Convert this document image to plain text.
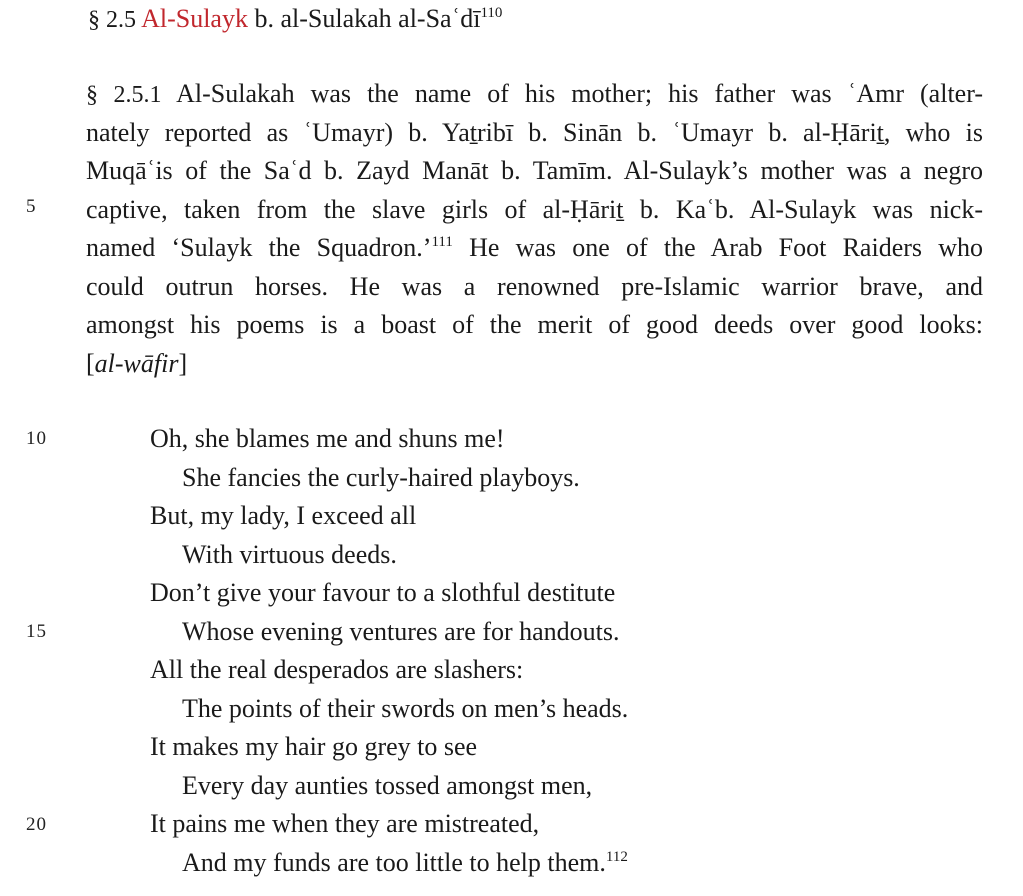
§ 2.5 Al-Sulayk b. al-Sulakah al-Saʿdī$^{110}$
§ 2.5.1 Al-Sulakah was the name of his mother; his father was ʿAmr (alter-
nately reported as ʿUmayr) b. Yaṯribī b. Sinān b. ʿUmayr b. al-Ḥāriṯ, who is
Muqāʿis of the Saʿd b. Zayd Manāt b. Tamīm. Al-Sulayk’s mother was a negro
captive, taken from the slave girls of al-Ḥāriṯ b. Kaʿb. Al-Sulayk was nick-
named ‘Sulayk the Squadron.’$^{111}$ He was one of the Arab Foot Raiders who
could outrun horses. He was a renowned pre-Islamic warrior brave, and
amongst his poems is a boast of the merit of good deeds over good looks:
[al-wāfir]
5
10
15
20
Oh, she blames me and shuns me!
She fancies the curly-haired playboys.
But, my lady, I exceed all
With virtuous deeds.
Don’t give your favour to a slothful destitute
Whose evening ventures are for handouts.
All the real desperados are slashers:
The points of their swords on men’s heads.
It makes my hair go grey to see
Every day aunties tossed amongst men,
It pains me when they are mistreated,
And my funds are too little to help them.$^{112}$
